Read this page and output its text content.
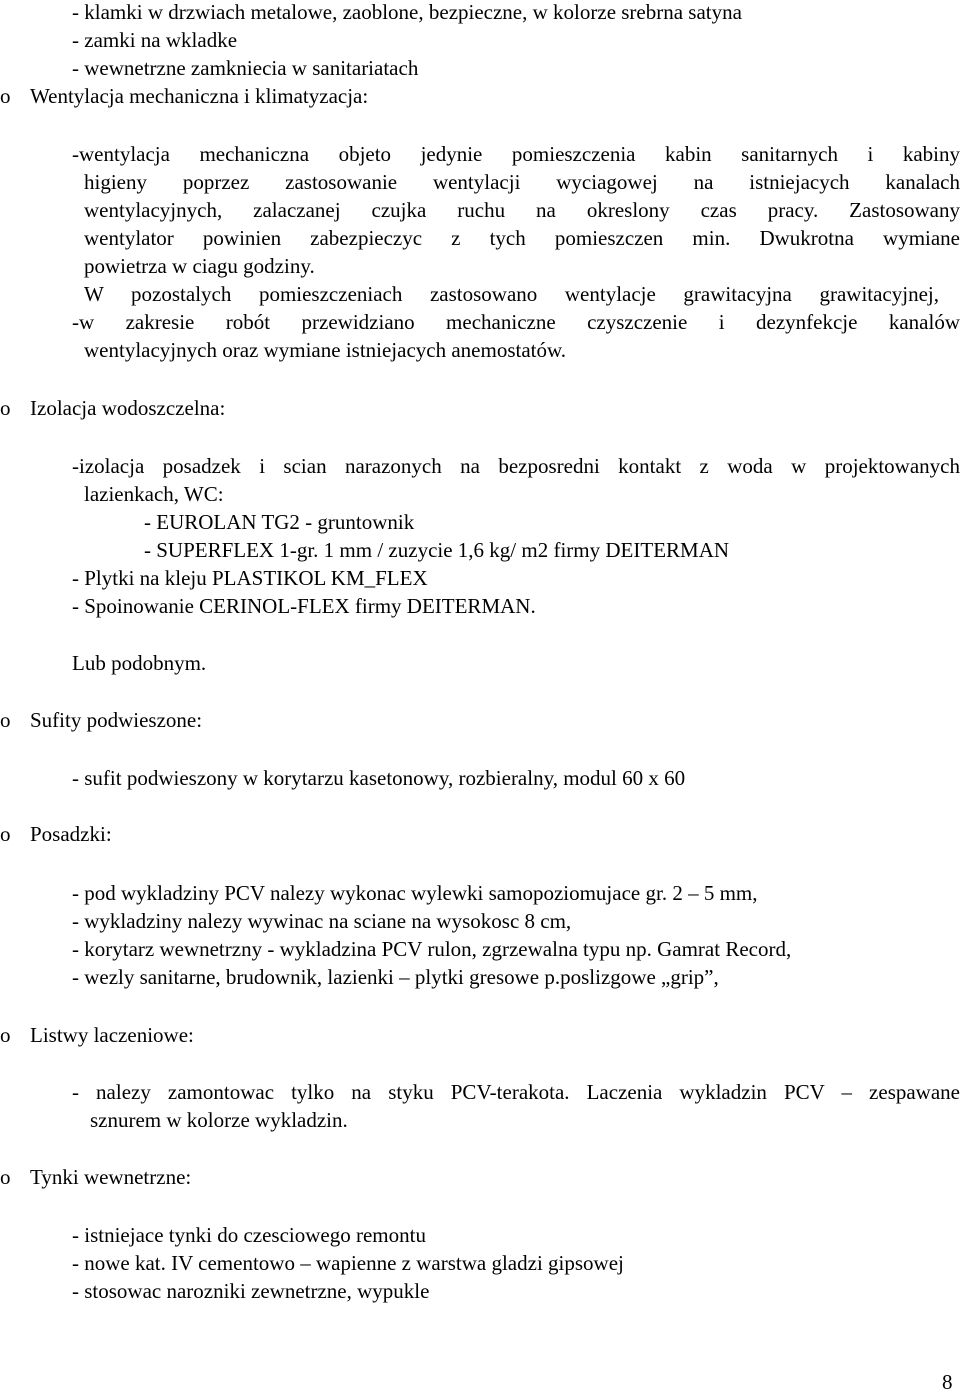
- klamki w drzwiach metalowe, zaoblone, bezpieczne, w kolorze srebrna satyna
- zamki na wkladke
- wewnetrzne zamkniecia w sanitariatach
o Wentylacja mechaniczna i klimatyzacja:
-wentylacja mechaniczna objeto jedynie pomieszczenia kabin sanitarnych i kabiny
higieny poprzez zastosowanie wentylacji wyciagowej na istniejacych kanalach
wentylacyjnych, zalaczanej czujka ruchu na okreslony czas pracy. Zastosowany
wentylator powinien zabezpieczyc z tych pomieszczen min. Dwukrotna wymiane
powietrza w ciagu godziny.
W pozostalych pomieszczeniach zastosowano wentylacje grawitacyjna grawitacyjnej,
-w zakresie robót przewidziano mechaniczne czyszczenie i dezynfekcje kanalów
wentylacyjnych oraz wymiane istniejacych anemostatów.
o Izolacja wodoszczelna:
-izolacja posadzek i scian narazonych na bezposredni kontakt z woda w projektowanych
lazienkach, WC:
- EUROLAN TG2 - gruntownik
- SUPERFLEX 1-gr. 1 mm / zuzycie 1,6 kg/ m2 firmy DEITERMAN
- Plytki na kleju PLASTIKOL KM_FLEX
- Spoinowanie CERINOL-FLEX firmy DEITERMAN.
Lub podobnym.
o Sufity podwieszone:
- sufit podwieszony w korytarzu kasetonowy, rozbieralny, modul 60 x 60
o Posadzki:
- pod wykladziny PCV nalezy wykonac wylewki samopoziomujace gr. 2 – 5 mm,
- wykladziny nalezy wywinac na sciane na wysokosc 8 cm,
- korytarz wewnetrzny - wykladzina PCV rulon, zgrzewalna typu np. Gamrat Record,
- wezly sanitarne, brudownik, lazienki – plytki gresowe p.poslizgowe „grip”,
o Listwy laczeniowe:
- nalezy zamontowac tylko na styku PCV-terakota. Laczenia wykladzin PCV – zespawane
sznurem w kolorze wykladzin.
o Tynki wewnetrzne:
- istniejace tynki do czesciowego remontu
- nowe kat. IV cementowo – wapienne z warstwa gladzi gipsowej
- stosowac narozniki zewnetrzne, wypukle
8
